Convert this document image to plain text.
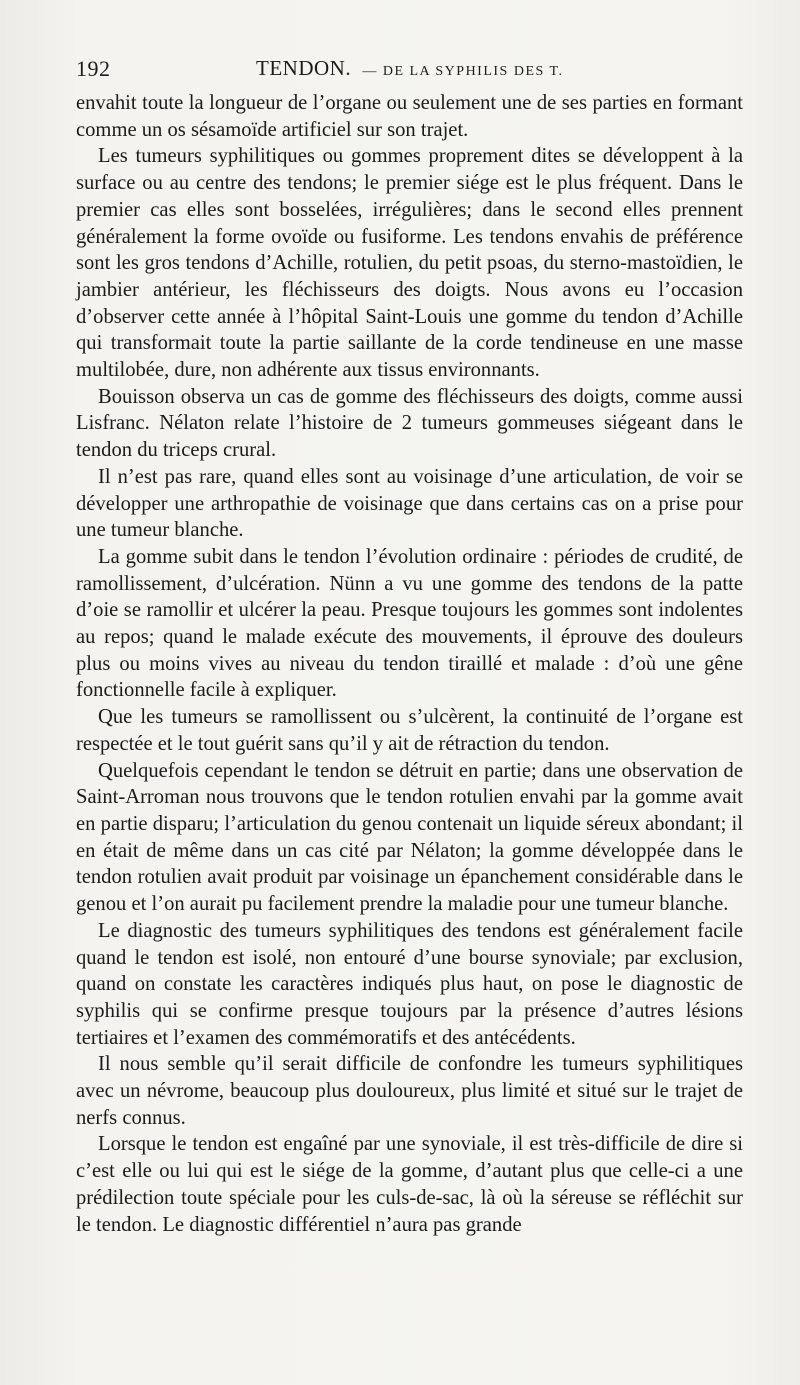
192	TENDON. — DE LA SYPHILIS DES T.

envahit toute la longueur de l’organe ou seulement une de ses parties en formant comme un os sésamoïde artificiel sur son trajet.

Les tumeurs syphilitiques ou gommes proprement dites se développent à la surface ou au centre des tendons; le premier siége est le plus fréquent. Dans le premier cas elles sont bosselées, irrégulières; dans le second elles prennent généralement la forme ovoïde ou fusiforme. Les tendons envahis de préférence sont les gros tendons d’Achille, rotulien, du petit psoas, du sterno-mastoïdien, le jambier antérieur, les fléchisseurs des doigts. Nous avons eu l’occasion d’observer cette année à l’hôpital Saint-Louis une gomme du tendon d’Achille qui transformait toute la partie saillante de la corde tendineuse en une masse multilobée, dure, non adhérente aux tissus environnants.

Bouisson observa un cas de gomme des fléchisseurs des doigts, comme aussi Lisfranc. Nélaton relate l’histoire de 2 tumeurs gommeuses siégeant dans le tendon du triceps crural.

Il n’est pas rare, quand elles sont au voisinage d’une articulation, de voir se développer une arthropathie de voisinage que dans certains cas on a prise pour une tumeur blanche.

La gomme subit dans le tendon l’évolution ordinaire : périodes de crudité, de ramollissement, d’ulcération. Nünn a vu une gomme des tendons de la patte d’oie se ramollir et ulcérer la peau. Presque toujours les gommes sont indolentes au repos; quand le malade exécute des mouvements, il éprouve des douleurs plus ou moins vives au niveau du tendon tiraillé et malade : d’où une gêne fonctionnelle facile à expliquer.

Que les tumeurs se ramollissent ou s’ulcèrent, la continuité de l’organe est respectée et le tout guérit sans qu’il y ait de rétraction du tendon.

Quelquefois cependant le tendon se détruit en partie; dans une observation de Saint-Arroman nous trouvons que le tendon rotulien envahi par la gomme avait en partie disparu; l’articulation du genou contenait un liquide séreux abondant; il en était de même dans un cas cité par Nélaton; la gomme développée dans le tendon rotulien avait produit par voisinage un épanchement considérable dans le genou et l’on aurait pu facilement prendre la maladie pour une tumeur blanche.

Le diagnostic des tumeurs syphilitiques des tendons est généralement facile quand le tendon est isolé, non entouré d’une bourse synoviale; par exclusion, quand on constate les caractères indiqués plus haut, on pose le diagnostic de syphilis qui se confirme presque toujours par la présence d’autres lésions tertiaires et l’examen des commémoratifs et des antécédents.

Il nous semble qu’il serait difficile de confondre les tumeurs syphilitiques avec un névrome, beaucoup plus douloureux, plus limité et situé sur le trajet de nerfs connus.

Lorsque le tendon est engaîné par une synoviale, il est très-difficile de dire si c’est elle ou lui qui est le siége de la gomme, d’autant plus que celle-ci a une prédilection toute spéciale pour les culs-de-sac, là où la séreuse se réfléchit sur le tendon. Le diagnostic différentiel n’aura pas grande
